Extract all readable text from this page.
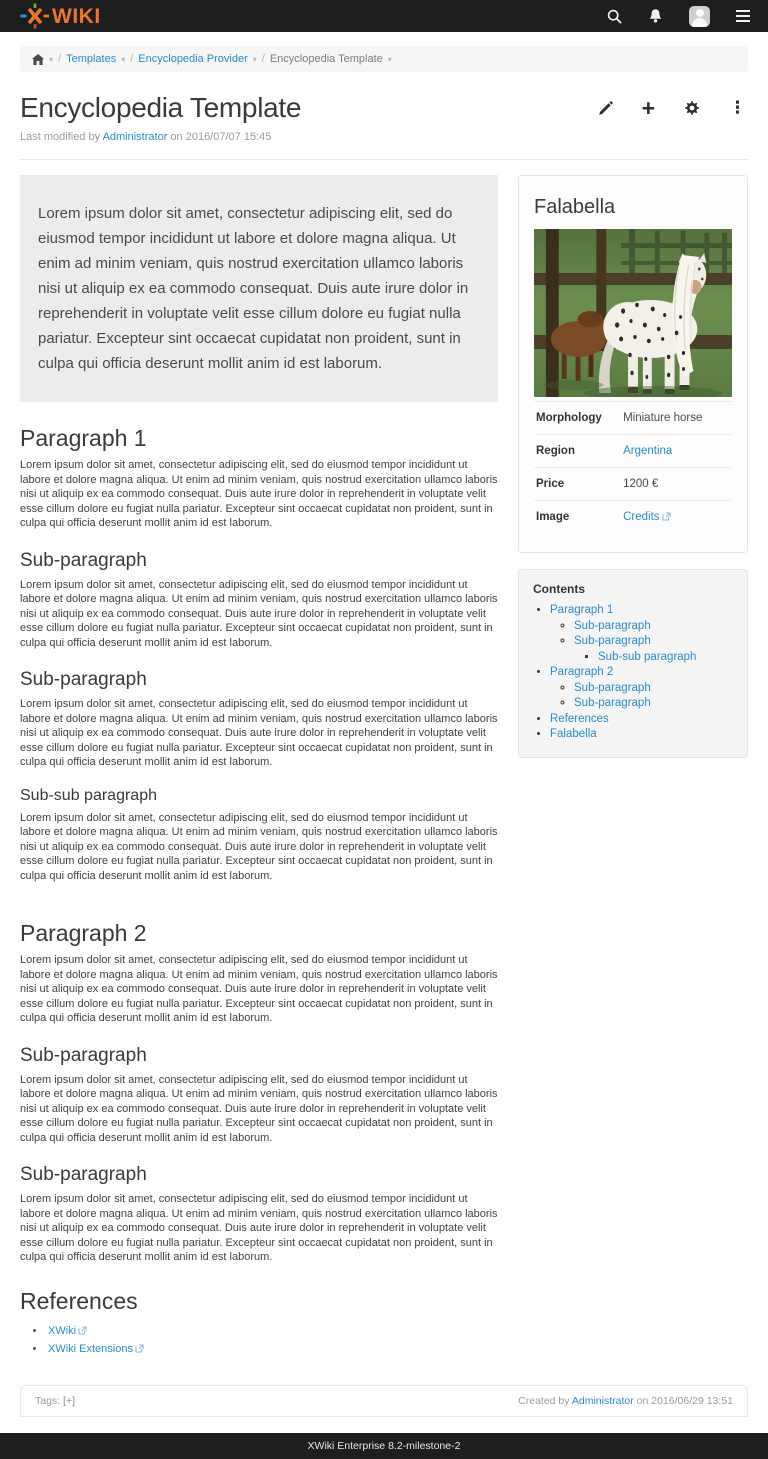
WIKI
▾ / Templates ▾ / Encyclopedia Provider ▾ / Encyclopedia Template ▾
Encyclopedia Template	+	⋮

Last modified by Administrator on 2016/07/07 15:45

Lorem ipsum dolor sit amet, consectetur adipiscing elit, sed do eiusmod tempor incididunt ut labore et dolore magna aliqua. Ut enim ad minim veniam, quis nostrud exercitation ullamco laboris nisi ut aliquip ex ea commodo consequat. Duis aute irure dolor in reprehenderit in voluptate velit esse cillum dolore eu fugiat nulla pariatur. Excepteur sint occaecat cupidatat non proident, sunt in culpa qui officia deserunt mollit anim id est laborum.
Paragraph 1

Lorem ipsum dolor sit amet, consectetur adipiscing elit, sed do eiusmod tempor incididunt ut labore et dolore magna aliqua. Ut enim ad minim veniam, quis nostrud exercitation ullamco laboris nisi ut aliquip ex ea commodo consequat. Duis aute irure dolor in reprehenderit in voluptate velit esse cillum dolore eu fugiat nulla pariatur. Excepteur sint occaecat cupidatat non proident, sunt in culpa qui officia deserunt mollit anim id est laborum.

Sub-paragraph

Lorem ipsum dolor sit amet, consectetur adipiscing elit, sed do eiusmod tempor incididunt ut labore et dolore magna aliqua. Ut enim ad minim veniam, quis nostrud exercitation ullamco laboris nisi ut aliquip ex ea commodo consequat. Duis aute irure dolor in reprehenderit in voluptate velit esse cillum dolore eu fugiat nulla pariatur. Excepteur sint occaecat cupidatat non proident, sunt in culpa qui officia deserunt mollit anim id est laborum.

Sub-paragraph

Lorem ipsum dolor sit amet, consectetur adipiscing elit, sed do eiusmod tempor incididunt ut labore et dolore magna aliqua. Ut enim ad minim veniam, quis nostrud exercitation ullamco laboris nisi ut aliquip ex ea commodo consequat. Duis aute irure dolor in reprehenderit in voluptate velit esse cillum dolore eu fugiat nulla pariatur. Excepteur sint occaecat cupidatat non proident, sunt in culpa qui officia deserunt mollit anim id est laborum.

Sub-sub paragraph

Lorem ipsum dolor sit amet, consectetur adipiscing elit, sed do eiusmod tempor incididunt ut labore et dolore magna aliqua. Ut enim ad minim veniam, quis nostrud exercitation ullamco laboris nisi ut aliquip ex ea commodo consequat. Duis aute irure dolor in reprehenderit in voluptate velit esse cillum dolore eu fugiat nulla pariatur. Excepteur sint occaecat cupidatat non proident, sunt in culpa qui officia deserunt mollit anim id est laborum.

Paragraph 2

Lorem ipsum dolor sit amet, consectetur adipiscing elit, sed do eiusmod tempor incididunt ut labore et dolore magna aliqua. Ut enim ad minim veniam, quis nostrud exercitation ullamco laboris nisi ut aliquip ex ea commodo consequat. Duis aute irure dolor in reprehenderit in voluptate velit esse cillum dolore eu fugiat nulla pariatur. Excepteur sint occaecat cupidatat non proident, sunt in culpa qui officia deserunt mollit anim id est laborum.

Sub-paragraph

Lorem ipsum dolor sit amet, consectetur adipiscing elit, sed do eiusmod tempor incididunt ut labore et dolore magna aliqua. Ut enim ad minim veniam, quis nostrud exercitation ullamco laboris nisi ut aliquip ex ea commodo consequat. Duis aute irure dolor in reprehenderit in voluptate velit esse cillum dolore eu fugiat nulla pariatur. Excepteur sint occaecat cupidatat non proident, sunt in culpa qui officia deserunt mollit anim id est laborum.

Sub-paragraph

Lorem ipsum dolor sit amet, consectetur adipiscing elit, sed do eiusmod tempor incididunt ut labore et dolore magna aliqua. Ut enim ad minim veniam, quis nostrud exercitation ullamco laboris nisi ut aliquip ex ea commodo consequat. Duis aute irure dolor in reprehenderit in voluptate velit esse cillum dolore eu fugiat nulla pariatur. Excepteur sint occaecat cupidatat non proident, sunt in culpa qui officia deserunt mollit anim id est laborum.

References
• XWiki
• XWiki Extensions
Falabella
Morphology	Miniature horse
Region	Argentina
Price	1200 €
Image	Credits
Contents
• Paragraph 1
◦ Sub-paragraph
◦ Sub-paragraph
▪ Sub-sub paragraph
• Paragraph 2
◦ Sub-paragraph
◦ Sub-paragraph
• References
• Falabella
Tags: [+]	Created by Administrator on 2016/06/29 13:51
XWiki Enterprise 8.2-milestone-2
